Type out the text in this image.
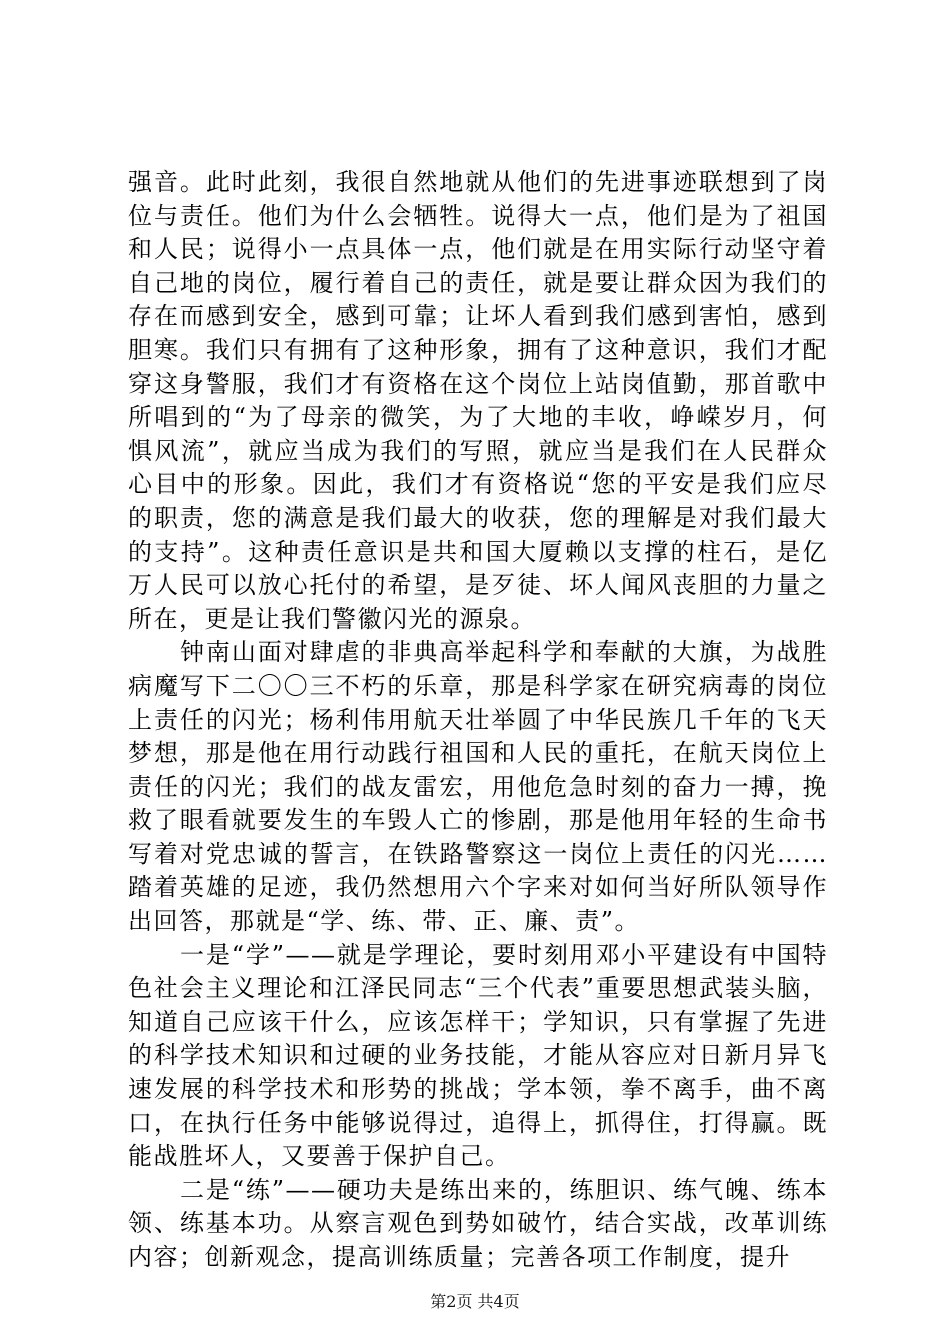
强音。此时此刻，我很自然地就从他们的先进事迹联想到了岗位与责任。他们为什么会牺牲。说得大一点，他们是为了祖国和人民；说得小一点具体一点，他们就是在用实际行动坚守着自己地的岗位，履行着自己的责任，就是要让群众因为我们的存在而感到安全，感到可靠；让坏人看到我们感到害怕，感到胆寒。我们只有拥有了这种形象，拥有了这种意识，我们才配穿这身警服，我们才有资格在这个岗位上站岗值勤，那首歌中所唱到的“为了母亲的微笑，为了大地的丰收，峥嵘岁月，何惧风流”，就应当成为我们的写照，就应当是我们在人民群众心目中的形象。因此，我们才有资格说“您的平安是我们应尽的职责，您的满意是我们最大的收获，您的理解是对我们最大的支持”。这种责任意识是共和国大厦赖以支撑的柱石，是亿万人民可以放心托付的希望，是歹徒、坏人闻风丧胆的力量之所在，更是让我们警徽闪光的源泉。

钟南山面对肆虐的非典高举起科学和奉献的大旗，为战胜病魔写下二〇〇三不朽的乐章，那是科学家在研究病毒的岗位上责任的闪光；杨利伟用航天壮举圆了中华民族几千年的飞天梦想，那是他在用行动践行祖国和人民的重托，在航天岗位上责任的闪光；我们的战友雷宏，用他危急时刻的奋力一搏，挽救了眼看就要发生的车毁人亡的惨剧，那是他用年轻的生命书写着对党忠诚的誓言，在铁路警察这一岗位上责任的闪光……踏着英雄的足迹，我仍然想用六个字来对如何当好所队领导作出回答，那就是“学、练、带、正、廉、责”。

一是“学”——就是学理论，要时刻用邓小平建设有中国特色社会主义理论和江泽民同志“三个代表”重要思想武装头脑，知道自己应该干什么，应该怎样干；学知识，只有掌握了先进的科学技术知识和过硬的业务技能，才能从容应对日新月异飞速发展的科学技术和形势的挑战；学本领，拳不离手，曲不离口，在执行任务中能够说得过，追得上，抓得住，打得赢。既能战胜坏人，又要善于保护自己。

二是“练”——硬功夫是练出来的，练胆识、练气魄、练本领、练基本功。从察言观色到势如破竹，结合实战，改革训练内容；创新观念，提高训练质量；完善各项工作制度，提升

第2页 共4页
